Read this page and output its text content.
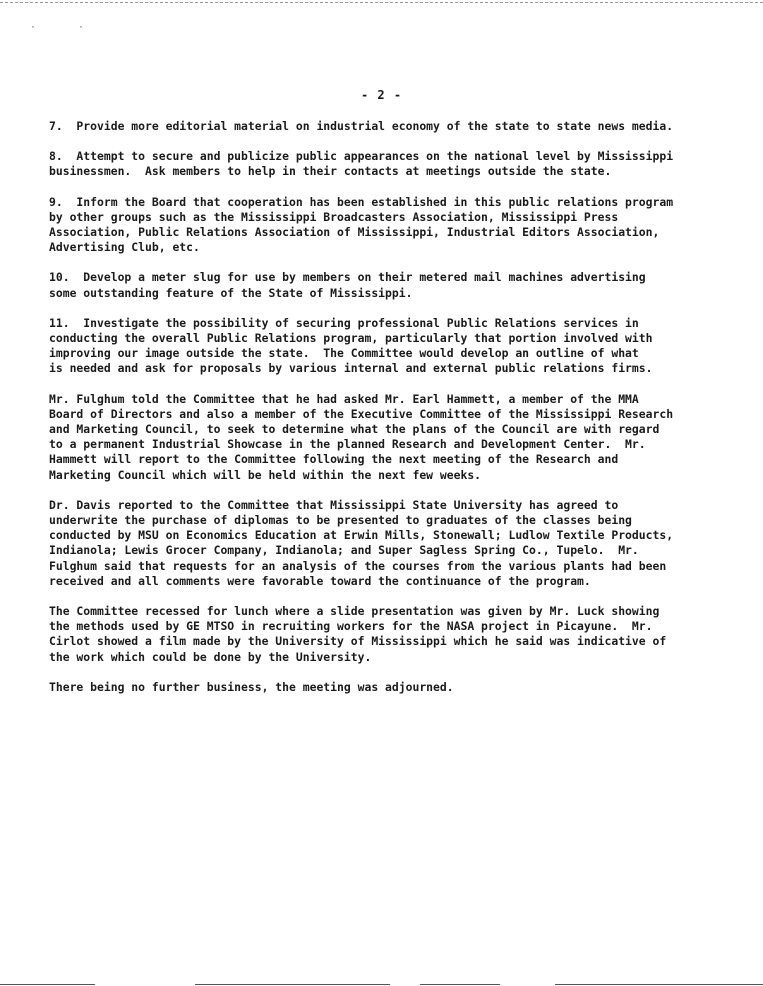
· ·
- 2 -
7.  Provide more editorial material on industrial economy of the state to state news media.
8.  Attempt to secure and publicize public appearances on the national level by Mississippi
businessmen.  Ask members to help in their contacts at meetings outside the state.
9.  Inform the Board that cooperation has been established in this public relations program
by other groups such as the Mississippi Broadcasters Association, Mississippi Press
Association, Public Relations Association of Mississippi, Industrial Editors Association,
Advertising Club, etc.
10.  Develop a meter slug for use by members on their metered mail machines advertising
some outstanding feature of the State of Mississippi.
11.  Investigate the possibility of securing professional Public Relations services in
conducting the overall Public Relations program, particularly that portion involved with
improving our image outside the state.  The Committee would develop an outline of what
is needed and ask for proposals by various internal and external public relations firms.
Mr. Fulghum told the Committee that he had asked Mr. Earl Hammett, a member of the MMA
Board of Directors and also a member of the Executive Committee of the Mississippi Research
and Marketing Council, to seek to determine what the plans of the Council are with regard
to a permanent Industrial Showcase in the planned Research and Development Center.  Mr.
Hammett will report to the Committee following the next meeting of the Research and
Marketing Council which will be held within the next few weeks.
Dr. Davis reported to the Committee that Mississippi State University has agreed to
underwrite the purchase of diplomas to be presented to graduates of the classes being
conducted by MSU on Economics Education at Erwin Mills, Stonewall; Ludlow Textile Products,
Indianola; Lewis Grocer Company, Indianola; and Super Sagless Spring Co., Tupelo.  Mr.
Fulghum said that requests for an analysis of the courses from the various plants had been
received and all comments were favorable toward the continuance of the program.
The Committee recessed for lunch where a slide presentation was given by Mr. Luck showing
the methods used by GE MTSO in recruiting workers for the NASA project in Picayune.  Mr.
Cirlot showed a film made by the University of Mississippi which he said was indicative of
the work which could be done by the University.
There being no further business, the meeting was adjourned.
